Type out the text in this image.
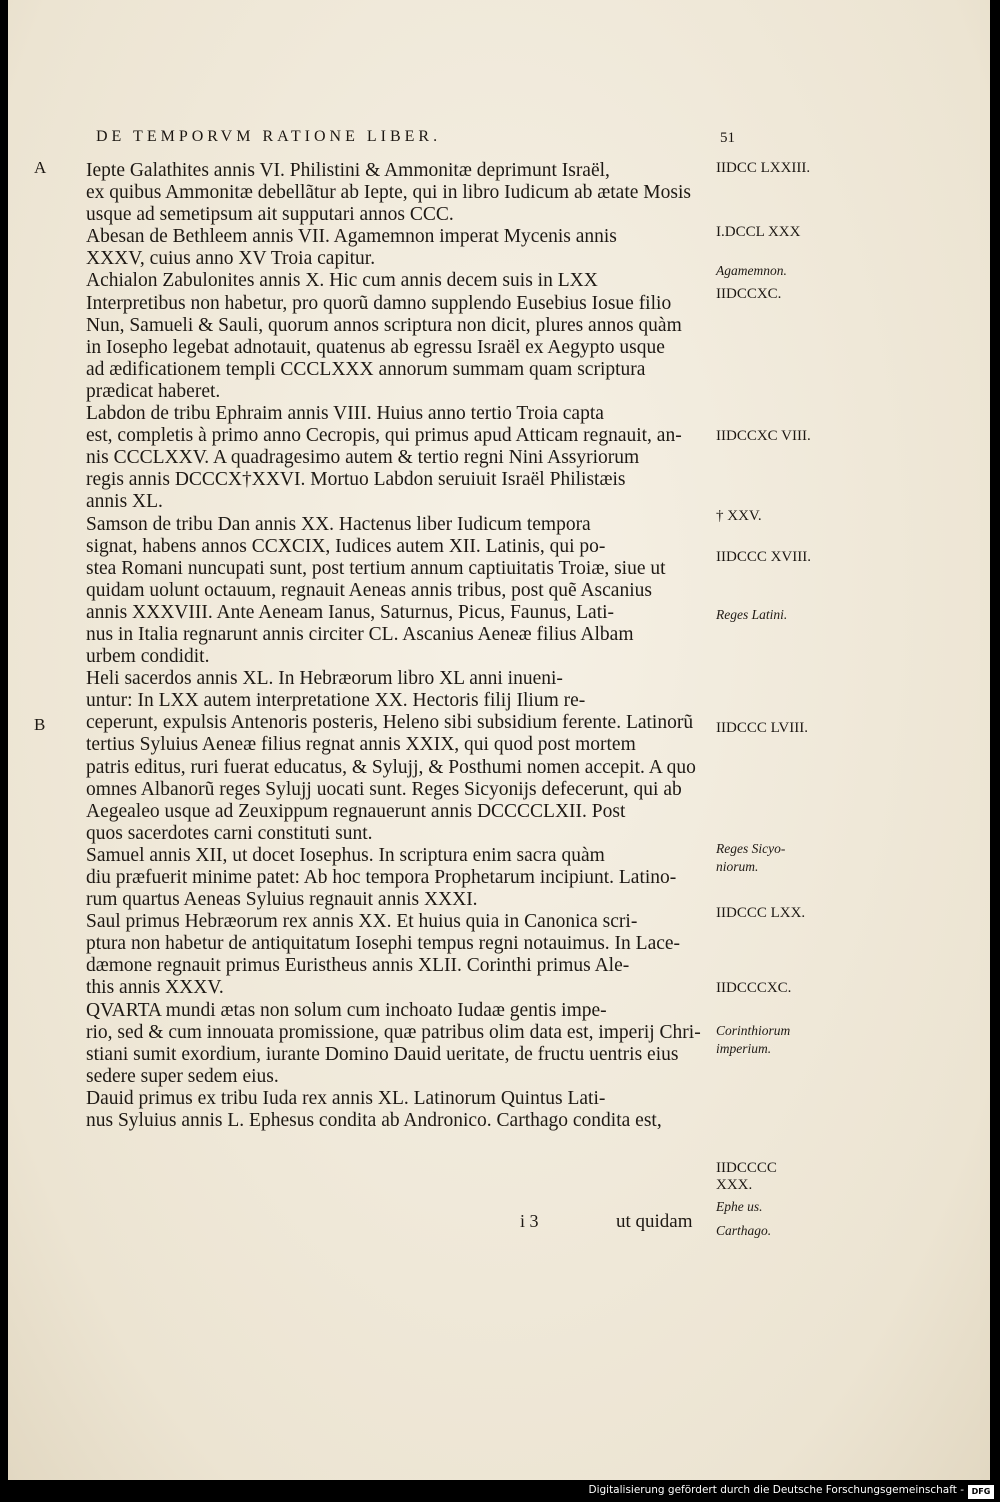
DE TEMPORVM RATIONE LIBER.	51
A
B

Iepte Galathites annis VI. Philistini & Ammonitæ deprimunt Israël,
ex quibus Ammonitæ debellãtur ab Iepte, qui in libro Iudicum ab ætate Mosis
usque ad semetipsum ait supputari annos CCC.

Abesan de Bethleem annis VII. Agamemnon imperat Mycenis annis
XXXV, cuius anno XV Troia capitur.

Achialon Zabulonites annis X. Hic cum annis decem suis in LXX
Interpretibus non habetur, pro quorũ damno supplendo Eusebius Iosue filio
Nun, Samueli & Sauli, quorum annos scriptura non dicit, plures annos quàm
in Iosepho legebat adnotauit, quatenus ab egressu Israël ex Aegypto usque
ad ædificationem templi CCCLXXX annorum summam quam scriptura
prædicat haberet.

Labdon de tribu Ephraim annis VIII. Huius anno tertio Troia capta
est, completis à primo anno Cecropis, qui primus apud Atticam regnauit, an-
nis CCCLXXV. A quadragesimo autem & tertio regni Nini Assyriorum
regis annis DCCCX†XXVI. Mortuo Labdon seruiuit Israël Philistæis
annis XL.

Samson de tribu Dan annis XX. Hactenus liber Iudicum tempora
signat, habens annos CCXCIX, Iudices autem XII. Latinis, qui po-
stea Romani nuncupati sunt, post tertium annum captiuitatis Troiæ, siue ut
quidam uolunt octauum, regnauit Aeneas annis tribus, post quẽ Ascanius
annis XXXVIII. Ante Aeneam Ianus, Saturnus, Picus, Faunus, Lati-
nus in Italia regnarunt annis circiter CL. Ascanius Aeneæ filius Albam
urbem condidit.

Heli sacerdos annis XL. In Hebræorum libro XL anni inueni-
untur: In LXX autem interpretatione XX. Hectoris filij Ilium re-
ceperunt, expulsis Antenoris posteris, Heleno sibi subsidium ferente. Latinorũ
tertius Syluius Aeneæ filius regnat annis XXIX, qui quod post mortem
patris editus, ruri fuerat educatus, & Sylujj, & Posthumi nomen accepit. A quo
omnes Albanorũ reges Sylujj uocati sunt. Reges Sicyonijs defecerunt, qui ab
Aegealeo usque ad Zeuxippum regnauerunt annis DCCCCLXII. Post
quos sacerdotes carni constituti sunt.

Samuel annis XII, ut docet Iosephus. In scriptura enim sacra quàm
diu præfuerit minime patet: Ab hoc tempora Prophetarum incipiunt. Latino-
rum quartus Aeneas Syluius regnauit annis XXXI.

Saul primus Hebræorum rex annis XX. Et huius quia in Canonica scri-
ptura non habetur de antiquitatum Iosephi tempus regni notauimus. In Lace-
dæmone regnauit primus Euristheus annis XLII. Corinthi primus Ale-
this annis XXXV.

QVARTA mundi ætas non solum cum inchoato Iudaæ gentis impe-
rio, sed & cum innouata promissione, quæ patribus olim data est, imperij Chri-
stiani sumit exordium, iurante Domino Dauid ueritate, de fructu uentris eius
sedere super sedem eius.

Dauid primus ex tribu Iuda rex annis XL. Latinorum Quintus Lati-
nus Syluius annis L. Ephesus condita ab Andronico. Carthago condita est,

IIDCC LXXIII.
I.DCCL XXX
Agamemnon.
IIDCCXC.
IIDCCXC VIII.
† XXV.
IIDCCC XVIII.
Reges Latini.
IIDCCC LVIII.
Reges Sicyo- niorum.
IIDCCC LXX.
IIDCCCXC.
Corinthiorum imperium.
IIDCCCC XXX.
Ephe us.
Carthago.
i 3	ut quidam
Digitalisierung gefördert durch die Deutsche Forschungsgemeinschaft - DFG
